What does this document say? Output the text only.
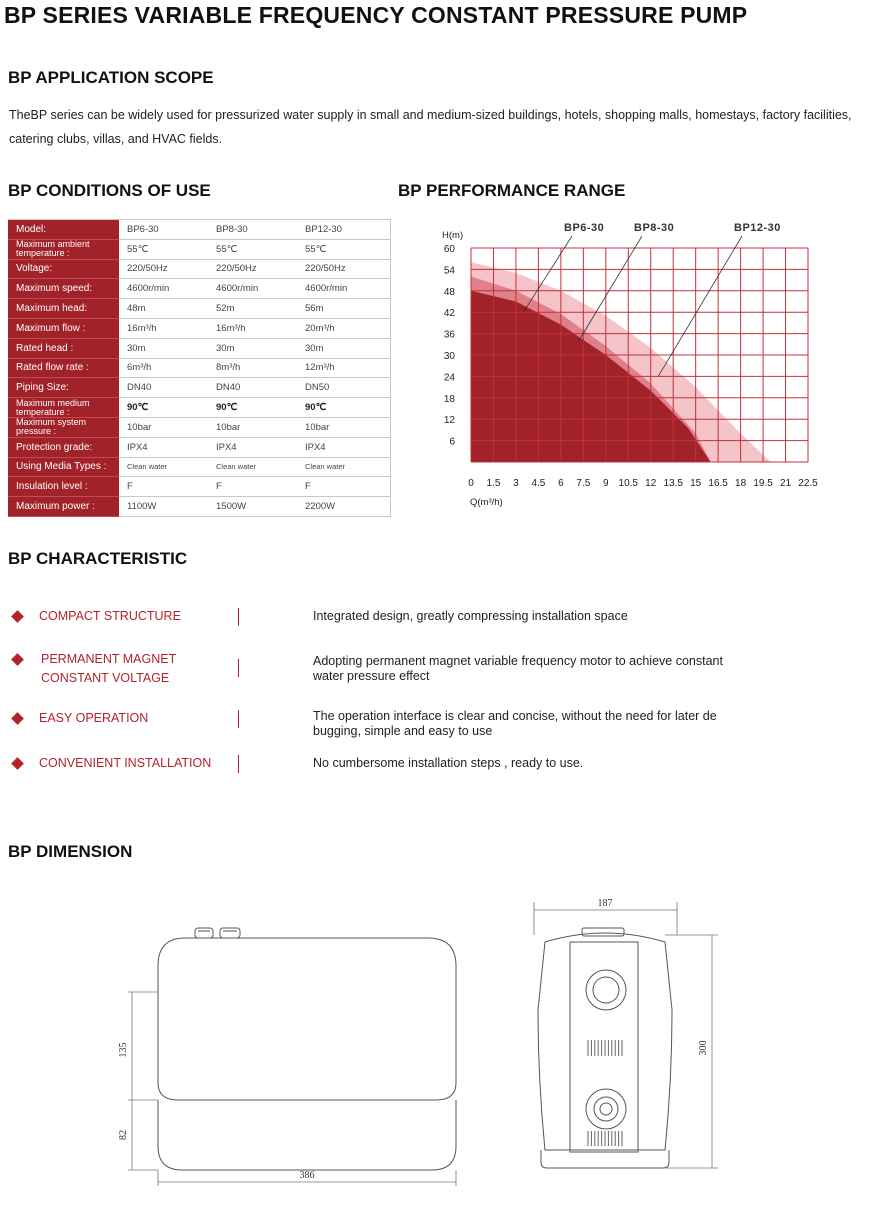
BP SERIES VARIABLE FREQUENCY CONSTANT PRESSURE PUMP
BP APPLICATION SCOPE
TheBP series can be widely used for pressurized water supply in small and medium-sized buildings, hotels, shopping malls, homestays, factory facilities, catering clubs, villas, and HVAC fields.
BP CONDITIONS OF USE	BP PERFORMANCE RANGE
Model:	BP6-30	BP8-30	BP12-30
Maximum ambient temperature :	55℃	55℃	55℃
Voltage:	220/50Hz	220/50Hz	220/50Hz
Maximum speed:	4600r/min	4600r/min	4600r/min
Maximum head:	48m	52m	56m
Maximum flow :	16m³/h	16m³/h	20m³/h
Rated head :	30m	30m	30m
Rated flow rate :	6m³/h	8m³/h	12m³/h
Piping Size:	DN40	DN40	DN50
Maximum medium temperature :	90℃	90℃	90℃
Maximum system pressure :	10bar	10bar	10bar
Protection grade:	IPX4	IPX4	IPX4
Using Media Types :	Clean water	Clean water	Clean water
Insulation level :	F	F	F
Maximum power :	1100W	1500W	2200W
0 1.5 3 4.5 6 7.5 9 10.5 12 13.5 15 16.5 18 19.5 21 22.5
6
12
18
24
30
36
42
48
54
60
H(m)
Q(m³/h)
BP6-30	BP8-30	BP12-30
BP CHARACTERISTIC
COMPACT STRUCTURE	Integrated design, greatly compressing installation space
PERMANENT MAGNET
CONSTANT VOLTAGE
Adopting permanent magnet variable frequency motor to achieve constant
water pressure effect
EASY OPERATION	The operation interface is clear and concise, without the need for later de
bugging, simple and easy to use
CONVENIENT INSTALLATION	No cumbersome installation steps , ready to use.
BP DIMENSION
386
135
82
187
300
